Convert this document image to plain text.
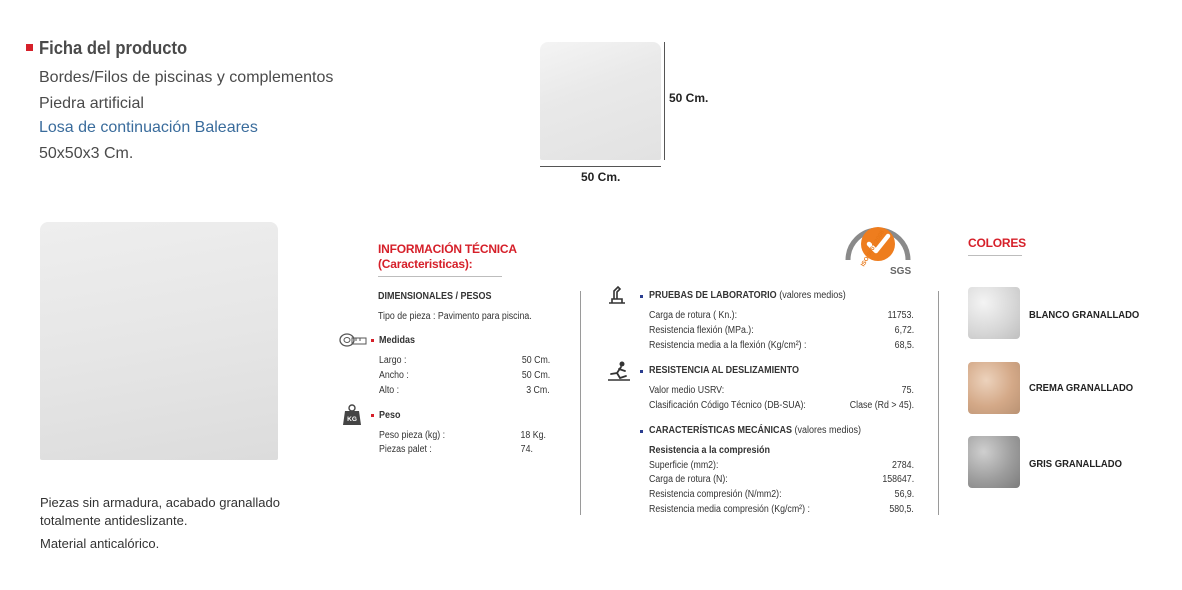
Ficha del producto
Bordes/Filos de piscinas y complementos
Piedra artificial
Losa de continuación Baleares
50x50x3 Cm.
50 Cm.
50 Cm.
Piezas sin armadura, acabado granallado
totalmente antideslizante.
Material anticalórico.
INFORMACIÓN TÉCNICA
(Caracteristicas):
DIMENSIONALES / PESOS
Tipo de pieza : Pavimento para piscina.
Medidas
Largo :	50 Cm.
Ancho :	50 Cm.
Alto :	3 Cm.
KG Peso
Peso pieza (kg) :	18 Kg.
Piezas palet :	74.
ISO 9001:2008
SGS
PRUEBAS DE LABORATORIO (valores medios)
Carga de rotura ( Kn.):	11753.
Resistencia flexión (MPa.):	6,72.
Resistencia media a la flexión (Kg/cm²) :	68,5.
RESISTENCIA AL DESLIZAMIENTO
Valor medio USRV:	75.
Clasificación Código Técnico (DB-SUA):	Clase (Rd > 45).
CARACTERÍSTICAS MECÁNICAS (valores medios)
Resistencia a la compresión
Superficie (mm2):	2784.
Carga de rotura (N):	158647.
Resistencia compresión (N/mm2):	56,9.
Resistencia media compresión (Kg/cm²) :	580,5.
COLORES
BLANCO GRANALLADO
CREMA GRANALLADO
GRIS GRANALLADO
